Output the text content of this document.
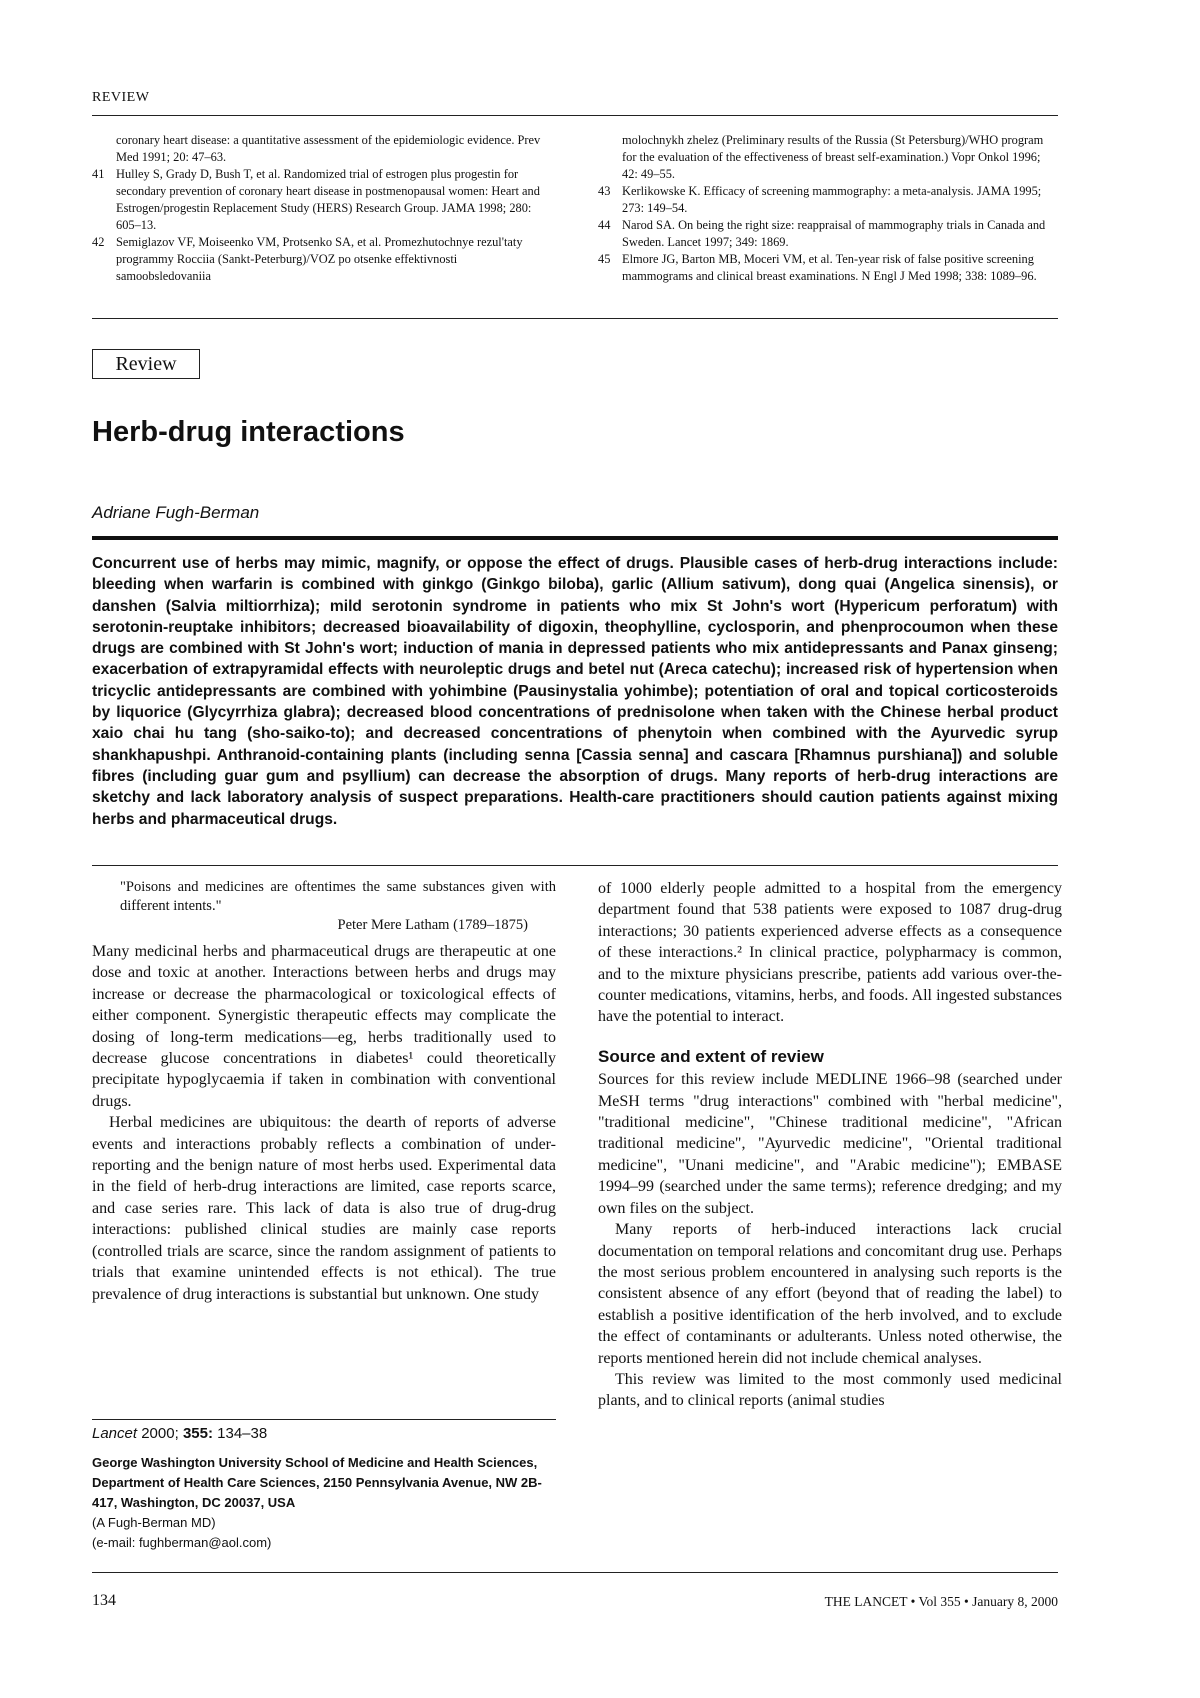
REVIEW

coronary heart disease: a quantitative assessment of the epidemiologic evidence. Prev Med 1991; 20: 47–63.

41 Hulley S, Grady D, Bush T, et al. Randomized trial of estrogen plus progestin for secondary prevention of coronary heart disease in postmenopausal women: Heart and Estrogen/progestin Replacement Study (HERS) Research Group. JAMA 1998; 280: 605–13.

42 Semiglazov VF, Moiseenko VM, Protsenko SA, et al. Promezhutochnye rezul'taty programmy Rocciia (Sankt-Peterburg)/VOZ po otsenke effektivnosti samoobsledovaniia

molochnykh zhelez (Preliminary results of the Russia (St Petersburg)/WHO program for the evaluation of the effectiveness of breast self-examination.) Vopr Onkol 1996; 42: 49–55.

43 Kerlikowske K. Efficacy of screening mammography: a meta-analysis. JAMA 1995; 273: 149–54.

44 Narod SA. On being the right size: reappraisal of mammography trials in Canada and Sweden. Lancet 1997; 349: 1869.

45 Elmore JG, Barton MB, Moceri VM, et al. Ten-year risk of false positive screening mammograms and clinical breast examinations. N Engl J Med 1998; 338: 1089–96.

Review
Herb-drug interactions
Adriane Fugh-Berman

Concurrent use of herbs may mimic, magnify, or oppose the effect of drugs. Plausible cases of herb-drug interactions include: bleeding when warfarin is combined with ginkgo (Ginkgo biloba), garlic (Allium sativum), dong quai (Angelica sinensis), or danshen (Salvia miltiorrhiza); mild serotonin syndrome in patients who mix St John's wort (Hypericum perforatum) with serotonin-reuptake inhibitors; decreased bioavailability of digoxin, theophylline, cyclosporin, and phenprocoumon when these drugs are combined with St John's wort; induction of mania in depressed patients who mix antidepressants and Panax ginseng; exacerbation of extrapyramidal effects with neuroleptic drugs and betel nut (Areca catechu); increased risk of hypertension when tricyclic antidepressants are combined with yohimbine (Pausinystalia yohimbe); potentiation of oral and topical corticosteroids by liquorice (Glycyrrhiza glabra); decreased blood concentrations of prednisolone when taken with the Chinese herbal product xaio chai hu tang (sho-saiko-to); and decreased concentrations of phenytoin when combined with the Ayurvedic syrup shankhapushpi. Anthranoid-containing plants (including senna [Cassia senna] and cascara [Rhamnus purshiana]) and soluble fibres (including guar gum and psyllium) can decrease the absorption of drugs. Many reports of herb-drug interactions are sketchy and lack laboratory analysis of suspect preparations. Health-care practitioners should caution patients against mixing herbs and pharmaceutical drugs.

"Poisons and medicines are oftentimes the same substances given with different intents."
Peter Mere Latham (1789–1875)

Many medicinal herbs and pharmaceutical drugs are therapeutic at one dose and toxic at another. Interactions between herbs and drugs may increase or decrease the pharmacological or toxicological effects of either component. Synergistic therapeutic effects may complicate the dosing of long-term medications—eg, herbs traditionally used to decrease glucose concentrations in diabetes¹ could theoretically precipitate hypoglycaemia if taken in combination with conventional drugs.

Herbal medicines are ubiquitous: the dearth of reports of adverse events and interactions probably reflects a combination of under-reporting and the benign nature of most herbs used. Experimental data in the field of herb-drug interactions are limited, case reports scarce, and case series rare. This lack of data is also true of drug-drug interactions: published clinical studies are mainly case reports (controlled trials are scarce, since the random assignment of patients to trials that examine unintended effects is not ethical). The true prevalence of drug interactions is substantial but unknown. One study

of 1000 elderly people admitted to a hospital from the emergency department found that 538 patients were exposed to 1087 drug-drug interactions; 30 patients experienced adverse effects as a consequence of these interactions.² In clinical practice, polypharmacy is common, and to the mixture physicians prescribe, patients add various over-the-counter medications, vitamins, herbs, and foods. All ingested substances have the potential to interact.

Source and extent of review

Sources for this review include MEDLINE 1966–98 (searched under MeSH terms "drug interactions" combined with "herbal medicine", "traditional medicine", "Chinese traditional medicine", "African traditional medicine", "Ayurvedic medicine", "Oriental traditional medicine", "Unani medicine", and "Arabic medicine"); EMBASE 1994–99 (searched under the same terms); reference dredging; and my own files on the subject.

Many reports of herb-induced interactions lack crucial documentation on temporal relations and concomitant drug use. Perhaps the most serious problem encountered in analysing such reports is the consistent absence of any effort (beyond that of reading the label) to establish a positive identification of the herb involved, and to exclude the effect of contaminants or adulterants. Unless noted otherwise, the reports mentioned herein did not include chemical analyses.

This review was limited to the most commonly used medicinal plants, and to clinical reports (animal studies

Lancet 2000; 355: 134–38
George Washington University School of Medicine and Health Sciences, Department of Health Care Sciences, 2150 Pennsylvania Avenue, NW 2B-417, Washington, DC 20037, USA
(A Fugh-Berman MD)
(e-mail: fughberman@aol.com)
134	THE LANCET • Vol 355 • January 8, 2000
